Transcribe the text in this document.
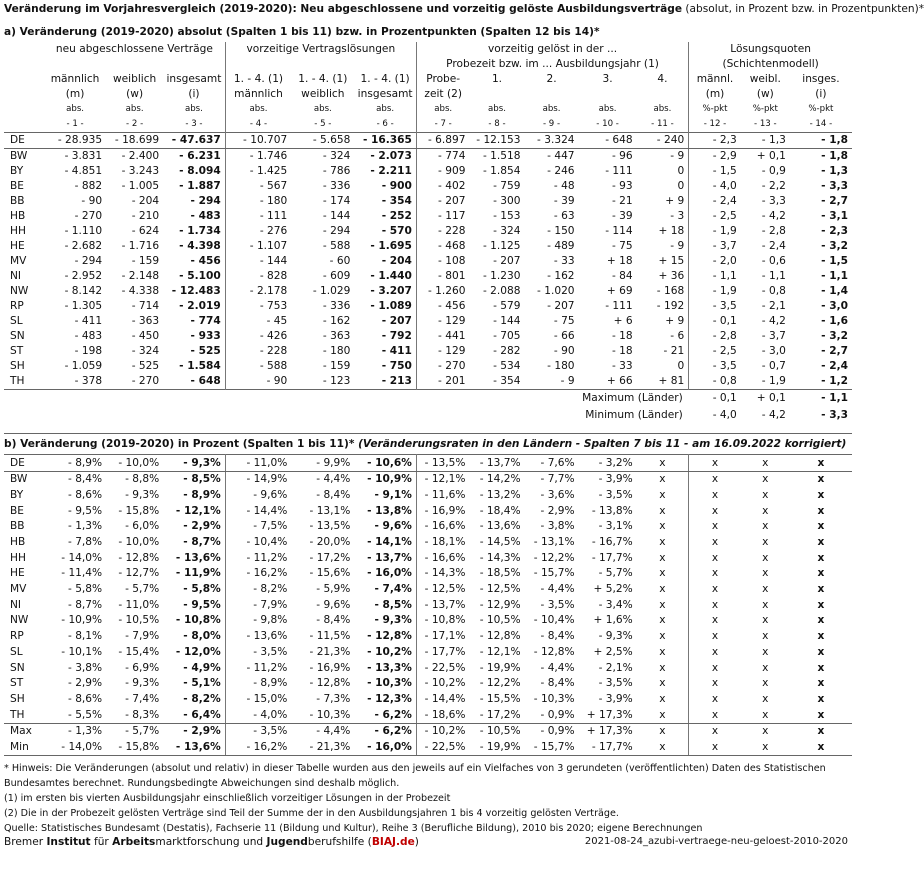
Veränderung im Vorjahresvergleich (2019-2020): Neu abgeschlossene und vorzeitig gelöste Ausbildungsverträge (absolut, in Prozent bzw. in Prozentpunkten)*
a) Veränderung (2019-2020) absolut (Spalten 1 bis 11) bzw. in Prozentpunkten (Spalten 12 bis 14)*
	neu abgeschlossene Verträge			vorzeitige Vertragslösungen			vorzeitig gelöst in der ...					Lösungsquoten		
							Probezeit bzw. im ... Ausbildungsjahr (1)					(Schichtenmodell)		
	männlich	weiblich	insgesamt	1. - 4. (1)	1. - 4. (1)	1. - 4. (1)	Probe-	1.	2.	3.	4.	männl.	weibl.	insges.
	(m)	(w)	(i)	männlich	weiblich	insgesamt	zeit (2)					(m)	(w)	(i)
	abs.	abs.	abs.	abs.	abs.	abs.	abs.	abs.	abs.	abs.	abs.	%-pkt	%-pkt	%-pkt
	- 1 -	- 2 -	- 3 -	- 4 -	- 5 -	- 6 -	- 7 -	- 8 -	- 9 -	- 10 -	- 11 -	- 12 -	- 13 -	- 14 -
DE	- 28.935	- 18.699	- 47.637	- 10.707	- 5.658	- 16.365	- 6.897	- 12.153	- 3.324	- 648	- 240	- 2,3	- 1,3	- 1,8
BW	- 3.831	- 2.400	- 6.231	- 1.746	- 324	- 2.073	- 774	- 1.518	- 447	- 96	- 9	- 2,9	+ 0,1	- 1,8
BY	- 4.851	- 3.243	- 8.094	- 1.425	- 786	- 2.211	- 909	- 1.854	- 246	- 111	0	- 1,5	- 0,9	- 1,3
BE	- 882	- 1.005	- 1.887	- 567	- 336	- 900	- 402	- 759	- 48	- 93	0	- 4,0	- 2,2	- 3,3
BB	- 90	- 204	- 294	- 180	- 174	- 354	- 207	- 300	- 39	- 21	+ 9	- 2,4	- 3,3	- 2,7
HB	- 270	- 210	- 483	- 111	- 144	- 252	- 117	- 153	- 63	- 39	- 3	- 2,5	- 4,2	- 3,1
HH	- 1.110	- 624	- 1.734	- 276	- 294	- 570	- 228	- 324	- 150	- 114	+ 18	- 1,9	- 2,8	- 2,3
HE	- 2.682	- 1.716	- 4.398	- 1.107	- 588	- 1.695	- 468	- 1.125	- 489	- 75	- 9	- 3,7	- 2,4	- 3,2
MV	- 294	- 159	- 456	- 144	- 60	- 204	- 108	- 207	- 33	+ 18	+ 15	- 2,0	- 0,6	- 1,5
NI	- 2.952	- 2.148	- 5.100	- 828	- 609	- 1.440	- 801	- 1.230	- 162	- 84	+ 36	- 1,1	- 1,1	- 1,1
NW	- 8.142	- 4.338	- 12.483	- 2.178	- 1.029	- 3.207	- 1.260	- 2.088	- 1.020	+ 69	- 168	- 1,9	- 0,8	- 1,4
RP	- 1.305	- 714	- 2.019	- 753	- 336	- 1.089	- 456	- 579	- 207	- 111	- 192	- 3,5	- 2,1	- 3,0
SL	- 411	- 363	- 774	- 45	- 162	- 207	- 129	- 144	- 75	+ 6	+ 9	- 0,1	- 4,2	- 1,6
SN	- 483	- 450	- 933	- 426	- 363	- 792	- 441	- 705	- 66	- 18	- 6	- 2,8	- 3,7	- 3,2
ST	- 198	- 324	- 525	- 228	- 180	- 411	- 129	- 282	- 90	- 18	- 21	- 2,5	- 3,0	- 2,7
SH	- 1.059	- 525	- 1.584	- 588	- 159	- 750	- 270	- 534	- 180	- 33	0	- 3,5	- 0,7	- 2,4
TH	- 378	- 270	- 648	- 90	- 123	- 213	- 201	- 354	- 9	+ 66	+ 81	- 0,8	- 1,9	- 1,2
Maximum (Länder)												- 0,1	+ 0,1	- 1,1
Minimum (Länder)												- 4,0	- 4,2	- 3,3
b) Veränderung (2019-2020) in Prozent (Spalten 1 bis 11)* (Veränderungsraten in den Ländern - Spalten 7 bis 11 - am 16.09.2022 korrigiert)
DE	- 8,9%	- 10,0%	- 9,3%	- 11,0%	- 9,9%	- 10,6%	- 13,5%	- 13,7%	- 7,6%	- 3,2%	x	x	x	x
BW	- 8,4%	- 8,8%	- 8,5%	- 14,9%	- 4,4%	- 10,9%	- 12,1%	- 14,2%	- 7,7%	- 3,9%	x	x	x	x
BY	- 8,6%	- 9,3%	- 8,9%	- 9,6%	- 8,4%	- 9,1%	- 11,6%	- 13,2%	- 3,6%	- 3,5%	x	x	x	x
BE	- 9,5%	- 15,8%	- 12,1%	- 14,4%	- 13,1%	- 13,8%	- 16,9%	- 18,4%	- 2,9%	- 13,8%	x	x	x	x
BB	- 1,3%	- 6,0%	- 2,9%	- 7,5%	- 13,5%	- 9,6%	- 16,6%	- 13,6%	- 3,8%	- 3,1%	x	x	x	x
HB	- 7,8%	- 10,0%	- 8,7%	- 10,4%	- 20,0%	- 14,1%	- 18,1%	- 14,5%	- 13,1%	- 16,7%	x	x	x	x
HH	- 14,0%	- 12,8%	- 13,6%	- 11,2%	- 17,2%	- 13,7%	- 16,6%	- 14,3%	- 12,2%	- 17,7%	x	x	x	x
HE	- 11,4%	- 12,7%	- 11,9%	- 16,2%	- 15,6%	- 16,0%	- 14,3%	- 18,5%	- 15,7%	- 5,7%	x	x	x	x
MV	- 5,8%	- 5,7%	- 5,8%	- 8,2%	- 5,9%	- 7,4%	- 12,5%	- 12,5%	- 4,4%	+ 5,2%	x	x	x	x
NI	- 8,7%	- 11,0%	- 9,5%	- 7,9%	- 9,6%	- 8,5%	- 13,7%	- 12,9%	- 3,5%	- 3,4%	x	x	x	x
NW	- 10,9%	- 10,5%	- 10,8%	- 9,8%	- 8,4%	- 9,3%	- 10,8%	- 10,5%	- 10,4%	+ 1,6%	x	x	x	x
RP	- 8,1%	- 7,9%	- 8,0%	- 13,6%	- 11,5%	- 12,8%	- 17,1%	- 12,8%	- 8,4%	- 9,3%	x	x	x	x
SL	- 10,1%	- 15,4%	- 12,0%	- 3,5%	- 21,3%	- 10,2%	- 17,7%	- 12,1%	- 12,8%	+ 2,5%	x	x	x	x
SN	- 3,8%	- 6,9%	- 4,9%	- 11,2%	- 16,9%	- 13,3%	- 22,5%	- 19,9%	- 4,4%	- 2,1%	x	x	x	x
ST	- 2,9%	- 9,3%	- 5,1%	- 8,9%	- 12,8%	- 10,3%	- 10,2%	- 12,2%	- 8,4%	- 3,5%	x	x	x	x
SH	- 8,6%	- 7,4%	- 8,2%	- 15,0%	- 7,3%	- 12,3%	- 14,4%	- 15,5%	- 10,3%	- 3,9%	x	x	x	x
TH	- 5,5%	- 8,3%	- 6,4%	- 4,0%	- 10,3%	- 6,2%	- 18,6%	- 17,2%	- 0,9%	+ 17,3%	x	x	x	x
Max	- 1,3%	- 5,7%	- 2,9%	- 3,5%	- 4,4%	- 6,2%	- 10,2%	- 10,5%	- 0,9%	+ 17,3%	x	x	x	x
Min	- 14,0%	- 15,8%	- 13,6%	- 16,2%	- 21,3%	- 16,0%	- 22,5%	- 19,9%	- 15,7%	- 17,7%	x	x	x	x
* Hinweis: Die Veränderungen (absolut und relativ) in dieser Tabelle wurden aus den jeweils auf ein Vielfaches von 3 gerundeten (veröffentlichten) Daten des Statistischen
Bundesamtes berechnet. Rundungsbedingte Abweichungen sind deshalb möglich.
(1) im ersten bis vierten Ausbildungsjahr einschließlich vorzeitiger Lösungen in der Probezeit
(2) Die in der Probezeit gelösten Verträge sind Teil der Summe der in den Ausbildungsjahren 1 bis 4 vorzeitig gelösten Verträge.
Quelle: Statistisches Bundesamt (Destatis), Fachserie 11 (Bildung und Kultur), Reihe 3 (Berufliche Bildung), 2010 bis 2020; eigene Berechnungen
Bremer Institut für Arbeitsmarktforschung und Jugendberufshilfe (BIAJ.de)	2021-08-24_azubi-vertraege-neu-geloest-2010-2020
